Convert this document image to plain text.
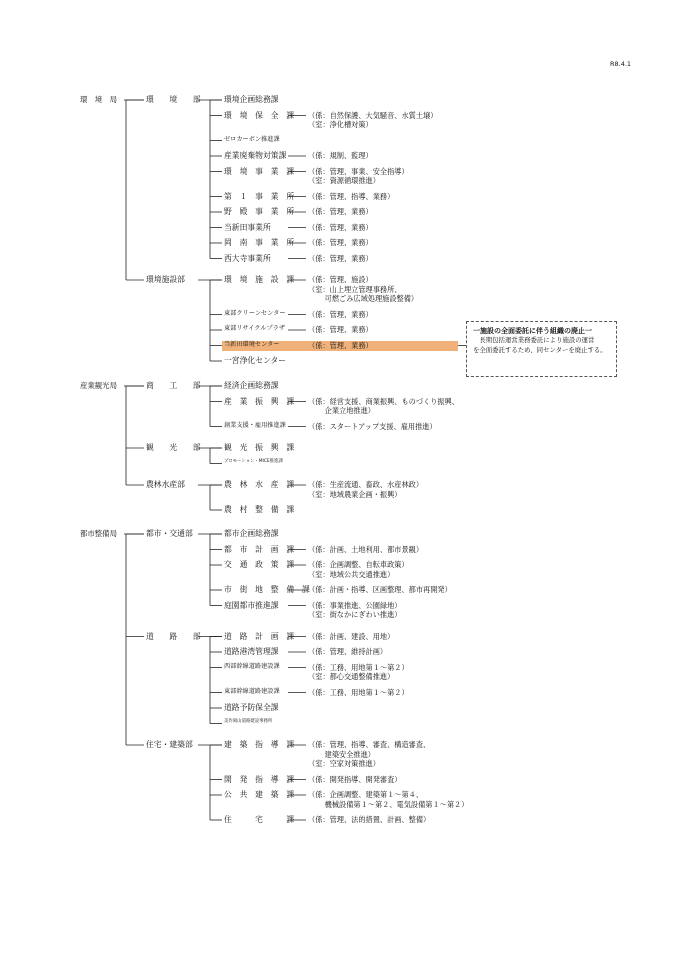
R8.4.1
一施設の全面委託に伴う組織の廃止一
長期包括運営業務委託により施設の運営
を全面委託するため、同センターを廃止する。
環　境　局	環　　境　　部	環境企画総務課
環　境　保　全　課 （係：自然保護、大気騒音、水質土壌）
（室：浄化槽対策）
ゼロカーボン推進課
産業廃棄物対策課	（係：規制、監理）
環　境　事　業　課 （係：管理、事業、安全指導）
（室：資源循環推進）
第　１　事　業　所 （係：管理、指導、業務）
野　殿　事　業　所 （係：管理、業務）
当新田事業所	（係：管理、業務）
岡　南　事　業　所 （係：管理、業務）
西大寺事業所	（係：管理、業務）
環境施設部	環　境　施　設　課 （係：管理、施設）
（室：山上埋立管理事務所、
　　 可燃ごみ広域処理施設整備）
東部クリーンセンター	（係：管理、業務）
東部リサイクルプラザ	（係：管理、業務）
当新田環境センター	（係：管理、業務）
一宮浄化センター
産業観光局	商　　工　　部	経済企画総務課
産　業　振　興　課 （係：経営支援、商業振興、ものづくり振興、
　　 企業立地推進）
創業支援・雇用推進課	（係：スタートアップ支援、雇用推進）
観　　光　　部	観　光　振　興　課
プロモーション・MICE推進課
農林水産部	農　林　水　産　課 （係：生産流通、畜政、水産林政）
（室：地域農業企画・振興）
農　村　整　備　課
都市整備局	都市・交通部	都市企画総務課
都　市　計　画　課 （係：計画、土地利用、都市景観）
交　通　政　策　課 （係：企画調整、自転車政策）
（室：地域公共交通推進）
市　街　地　整　備　課
（係：計画・指導、区画整理、都市再開発）
庭園都市推進課	（係：事業推進、公園緑地）
（室：街なかにぎわい推進）
道　　路　　部	道　路　計　画　課 （係：計画、建設、用地）
道路港湾管理課	（係：管理、維持計画）
西部幹線道路建設課	（係：工務、用地第１～第２）
（室：都心交通整備推進）
東部幹線道路建設課	（係：工務、用地第１～第２）
道路予防保全課
美作岡山道路建設事務所
住宅・建築部	建　築　指　導　課 （係：管理、指導、審査、構造審査、
　　 建築安全推進）
（室：空家対策推進）
開　発　指　導　課 （係：開発指導、開発審査）
公　共　建　築　課 （係：企画調整、建築第１～第４、
　　 機械設備第１～第２、電気設備第１～第２）
住　　　宅　　　課 （係：管理、法的措置、計画、整備）
